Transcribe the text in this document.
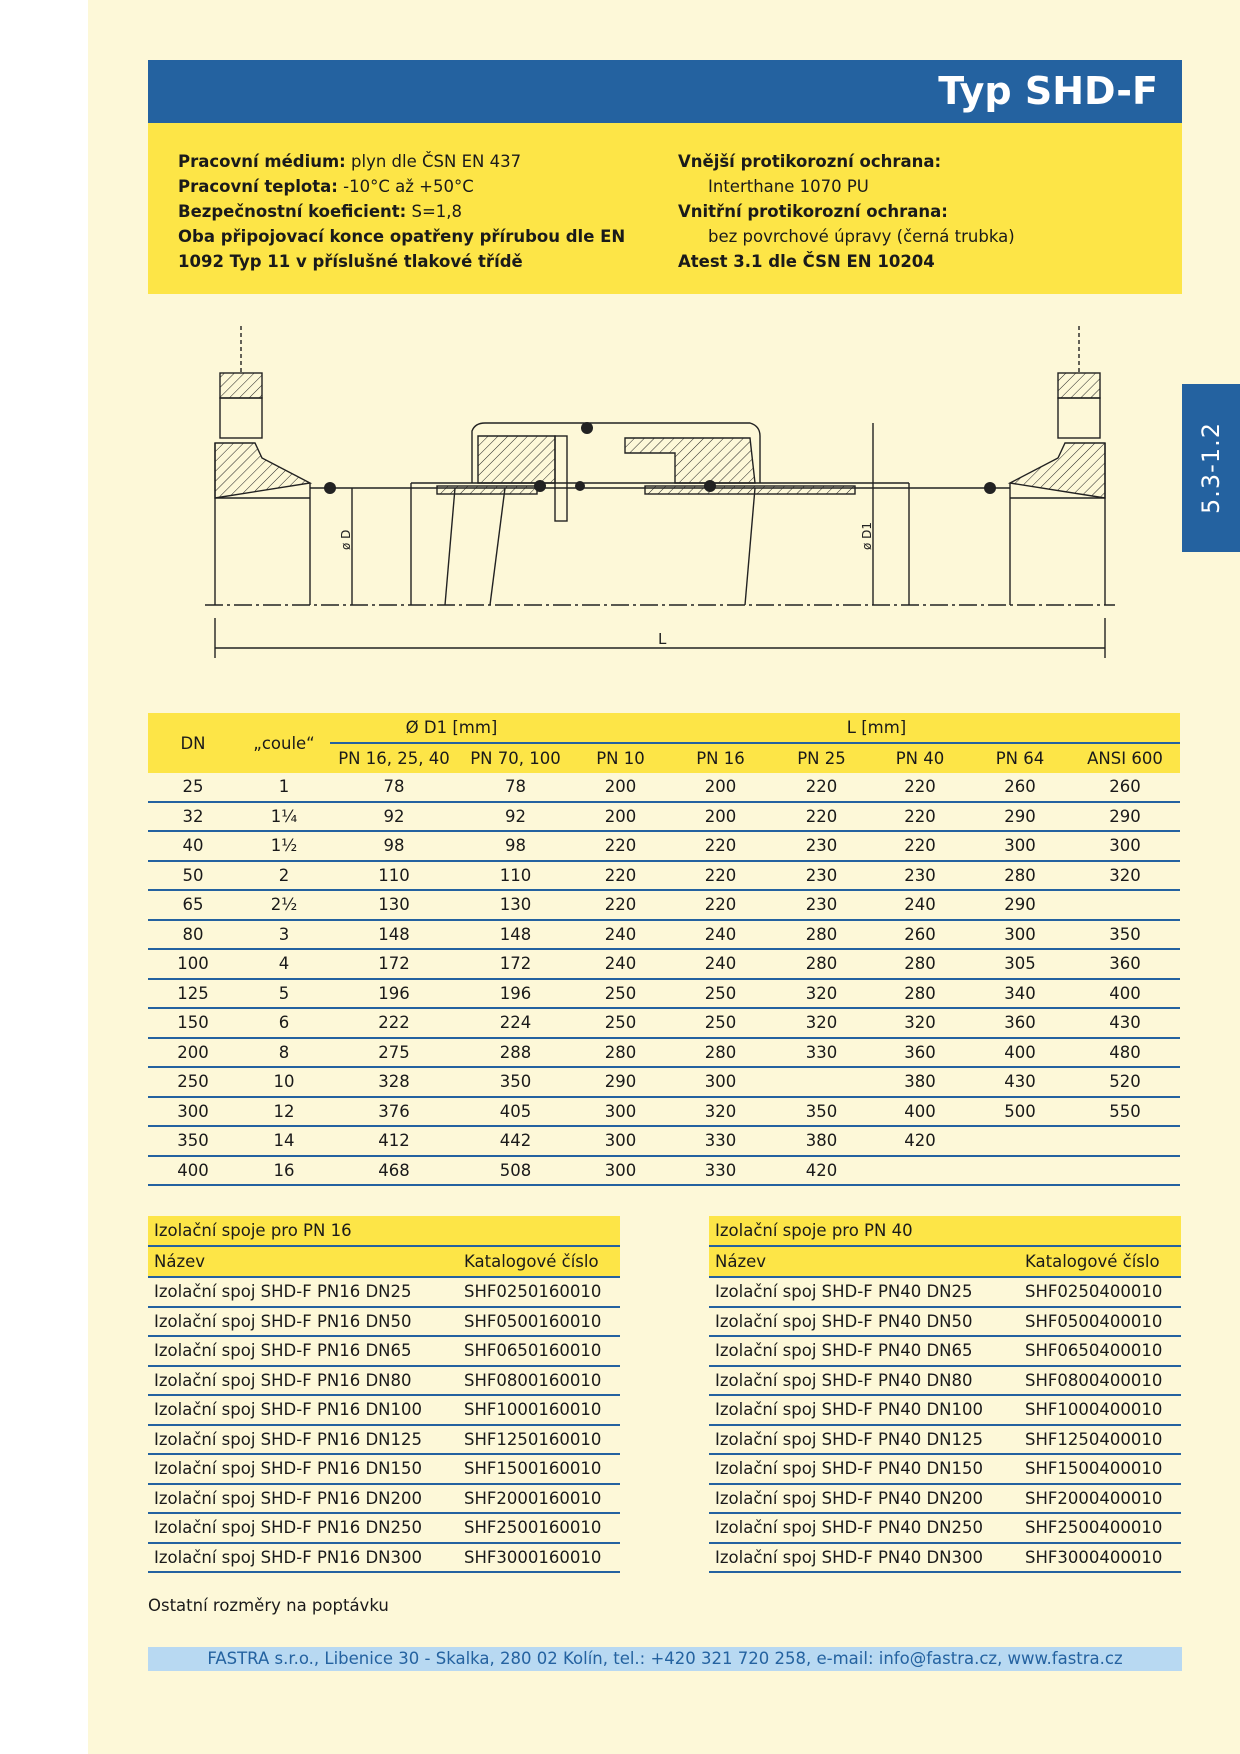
Typ SHD-F
Pracovní médium: plyn dle ČSN EN 437
Pracovní teplota: -10°C až +50°C
Bezpečnostní koeficient: S=1,8
Oba připojovací konce opatřeny přírubou dle EN 1092 Typ 11 v příslušné tlakové třídě
Vnější protikorozní ochrana:
Interthane 1070 PU
Vnitřní protikorozní ochrana:
bez povrchové úpravy (černá trubka)
Atest 3.1 dle ČSN EN 10204
5.3-1.2
ø D	ø D1
L
DN	„coule“	Ø D1 [mm]		L [mm]					
		PN 16, 25, 40	PN 70, 100	PN 10	PN 16	PN 25	PN 40	PN 64	ANSI 600
25	1	78	78	200	200	220	220	260	260
32	1¼	92	92	200	200	220	220	290	290
40	1½	98	98	220	220	230	220	300	300
50	2	110	110	220	220	230	230	280	320
65	2½	130	130	220	220	230	240	290	
80	3	148	148	240	240	280	260	300	350
100	4	172	172	240	240	280	280	305	360
125	5	196	196	250	250	320	280	340	400
150	6	222	224	250	250	320	320	360	430
200	8	275	288	280	280	330	360	400	480
250	10	328	350	290	300		380	430	520
300	12	376	405	300	320	350	400	500	550
350	14	412	442	300	330	380	420		
400	16	468	508	300	330	420			
Izolační spoje pro PN 16	
Název	Katalogové číslo
Izolační spoj SHD-F PN16 DN25	SHF0250160010
Izolační spoj SHD-F PN16 DN50	SHF0500160010
Izolační spoj SHD-F PN16 DN65	SHF0650160010
Izolační spoj SHD-F PN16 DN80	SHF0800160010
Izolační spoj SHD-F PN16 DN100	SHF1000160010
Izolační spoj SHD-F PN16 DN125	SHF1250160010
Izolační spoj SHD-F PN16 DN150	SHF1500160010
Izolační spoj SHD-F PN16 DN200	SHF2000160010
Izolační spoj SHD-F PN16 DN250	SHF2500160010
Izolační spoj SHD-F PN16 DN300	SHF3000160010
Izolační spoje pro PN 40	
Název	Katalogové číslo
Izolační spoj SHD-F PN40 DN25	SHF0250400010
Izolační spoj SHD-F PN40 DN50	SHF0500400010
Izolační spoj SHD-F PN40 DN65	SHF0650400010
Izolační spoj SHD-F PN40 DN80	SHF0800400010
Izolační spoj SHD-F PN40 DN100	SHF1000400010
Izolační spoj SHD-F PN40 DN125	SHF1250400010
Izolační spoj SHD-F PN40 DN150	SHF1500400010
Izolační spoj SHD-F PN40 DN200	SHF2000400010
Izolační spoj SHD-F PN40 DN250	SHF2500400010
Izolační spoj SHD-F PN40 DN300	SHF3000400010
Ostatní rozměry na poptávku
FASTRA s.r.o., Libenice 30 - Skalka, 280 02 Kolín, tel.: +420 321 720 258, e-mail: info@fastra.cz, www.fastra.cz
